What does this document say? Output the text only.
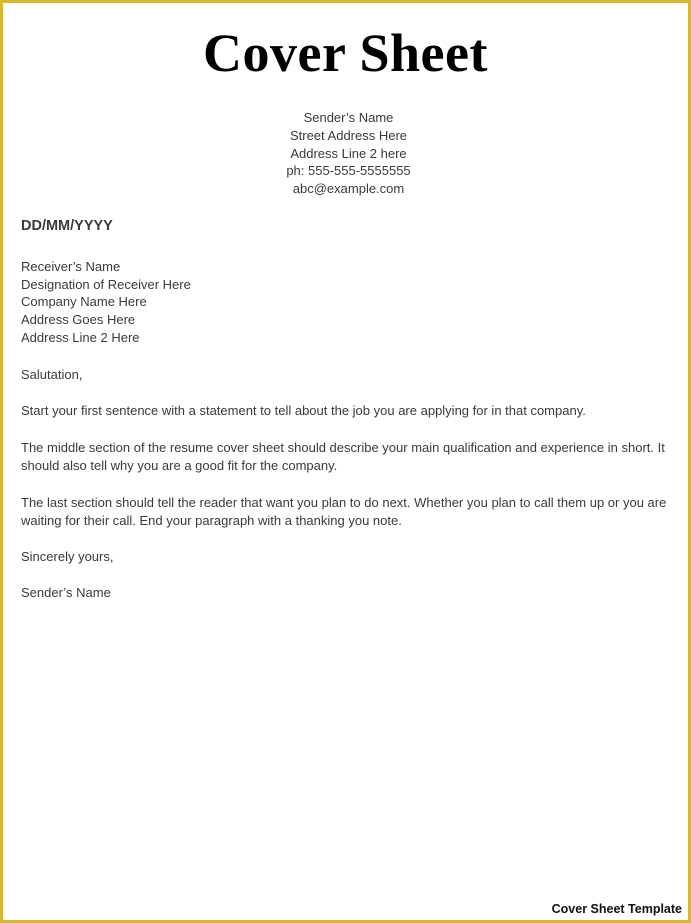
Cover Sheet
Sender’s Name
Street Address Here
Address Line 2 here
ph: 555-555-5555555
abc@example.com
DD/MM/YYYY
Receiver’s Name
Designation of Receiver Here
Company Name Here
Address Goes Here
Address Line 2 Here
Salutation,
Start your first sentence with a statement to tell about the job you are applying for in that company.
The middle section of the resume cover sheet should describe your main qualification and experience in short. It should also tell why you are a good fit for the company.
The last section should tell the reader that want you plan to do next. Whether you plan to call them up or you are waiting for their call. End your paragraph with a thanking you note.
Sincerely yours,
Sender’s Name
Cover Sheet Template
